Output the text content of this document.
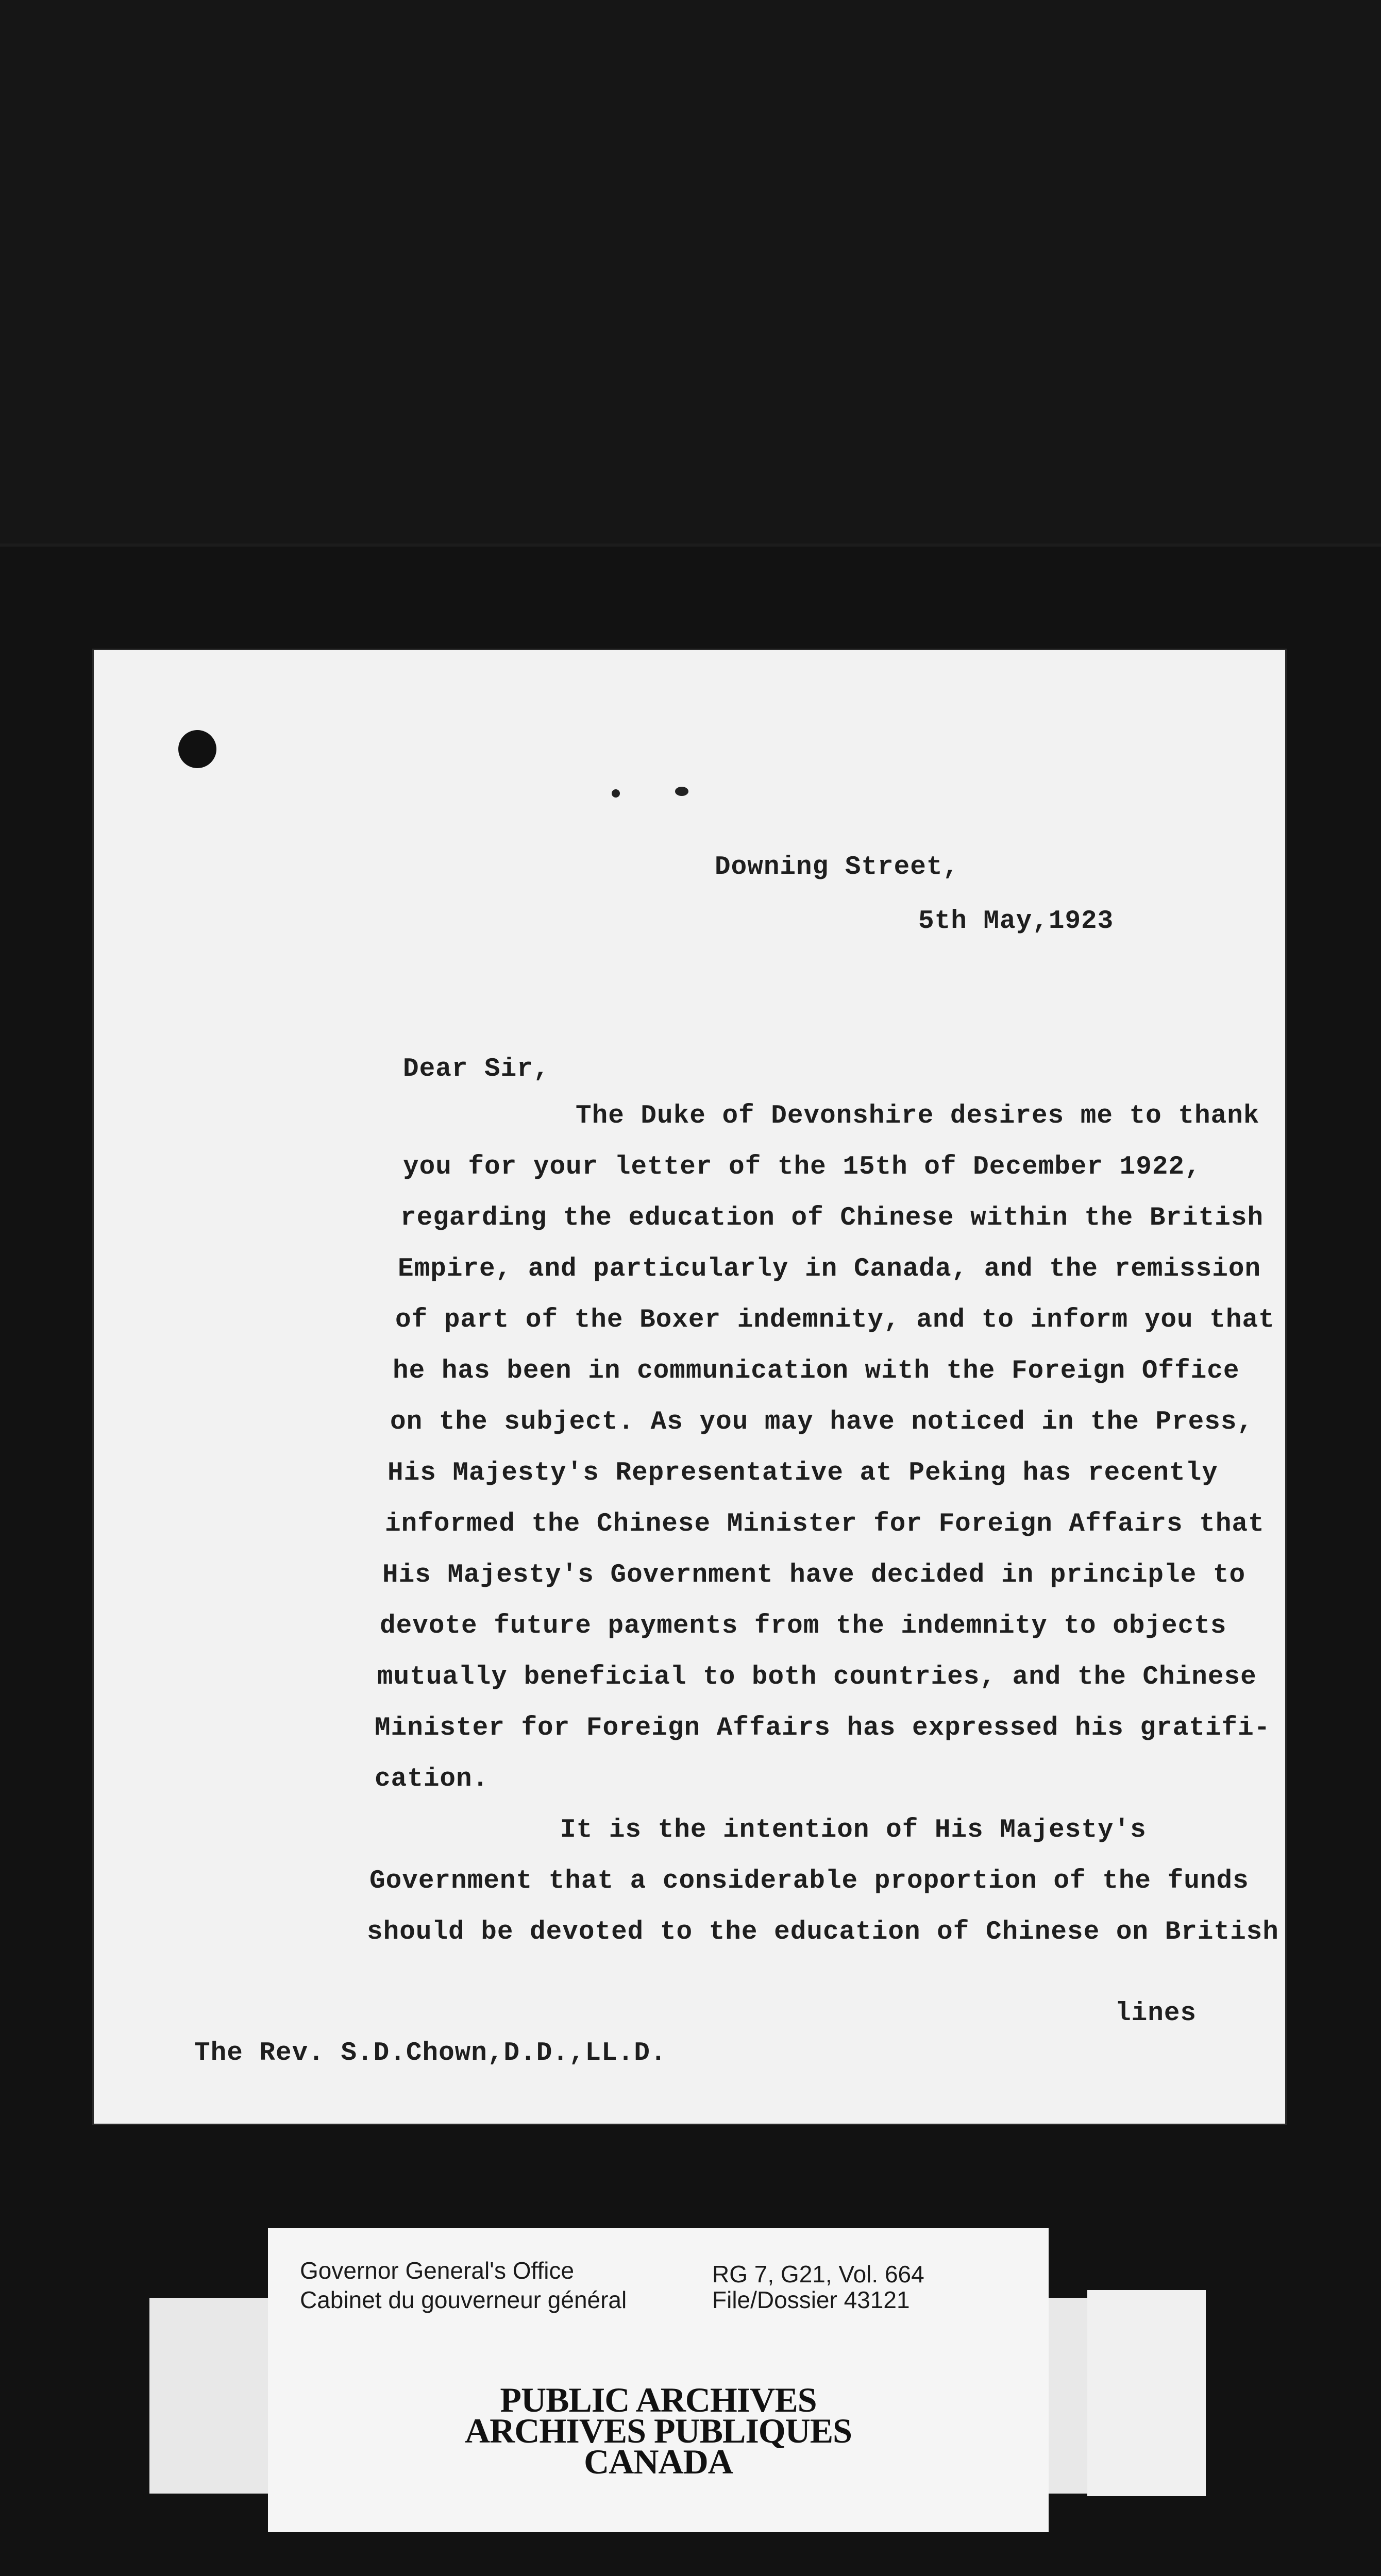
Downing Street,
5th May,1923
Dear Sir,
The Duke of Devonshire desires me to thank
you for your letter of the 15th of December 1922,
regarding the education of Chinese within the British
Empire, and particularly in Canada, and the remission
of part of the Boxer indemnity, and to inform you that
he has been in communication with the Foreign Office
on the subject. As you may have noticed in the Press,
His Majesty's Representative at Peking has recently
informed the Chinese Minister for Foreign Affairs that
His Majesty's Government have decided in principle to
devote future payments from the indemnity to objects
mutually beneficial to both countries, and the Chinese
Minister for Foreign Affairs has expressed his gratifi-
cation.
It is the intention of His Majesty's
Government that a considerable proportion of the funds
should be devoted to the education of Chinese on British
lines
The Rev. S.D.Chown,D.D.,LL.D.
Governor General's Office
Cabinet du gouverneur général
RG 7, G21, Vol. 664
File/Dossier 43121
PUBLIC ARCHIVES
ARCHIVES PUBLIQUES
CANADA
